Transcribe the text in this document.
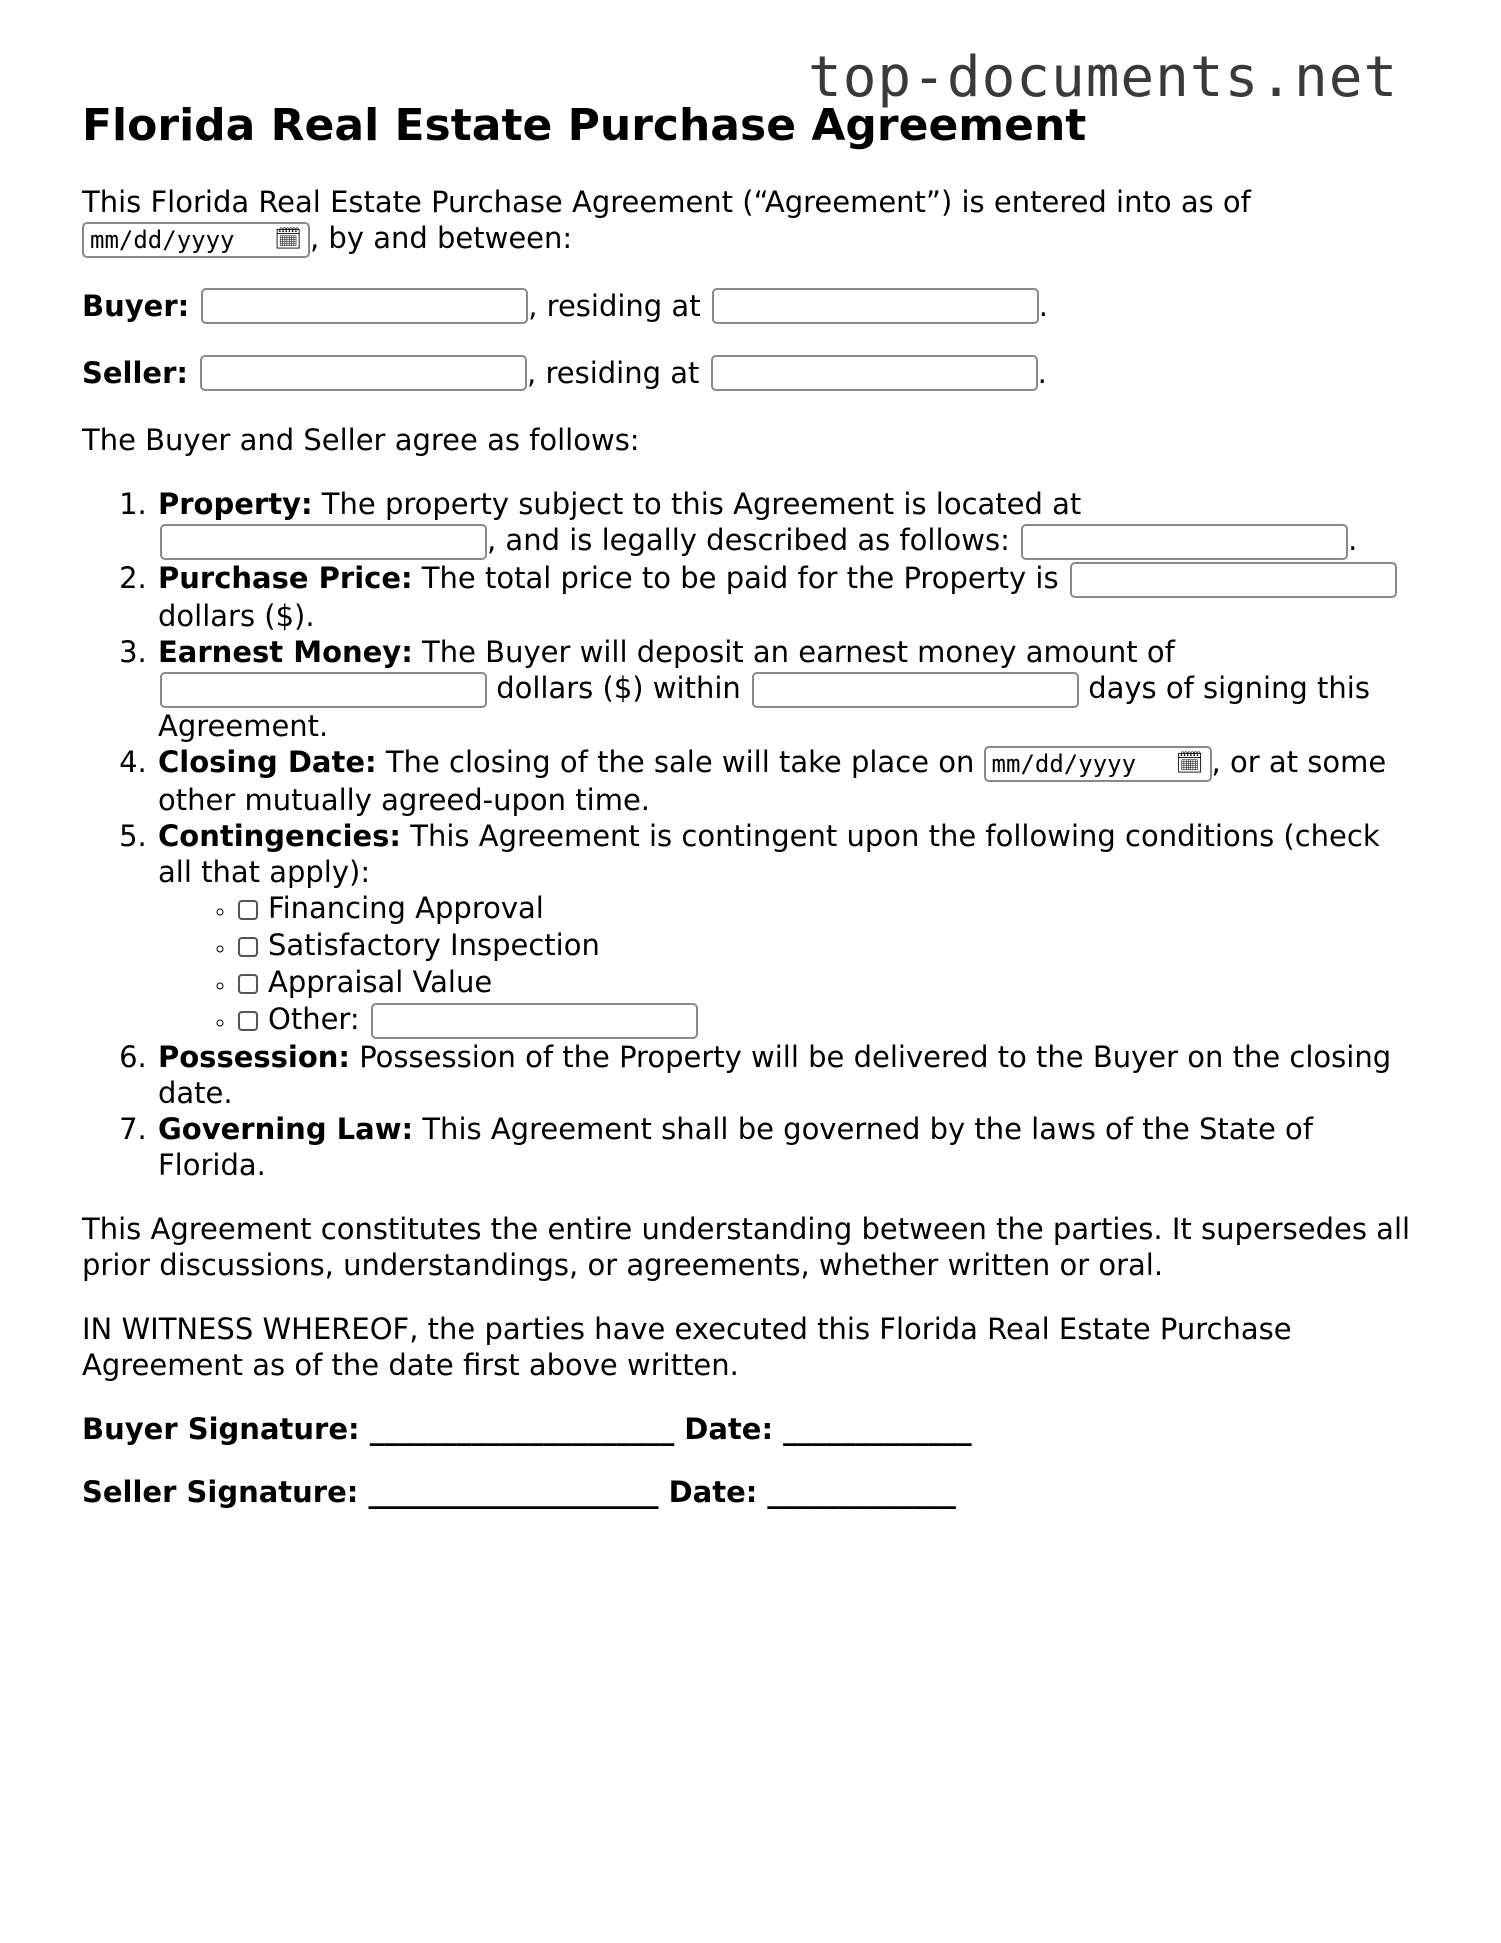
top-documents.net
Florida Real Estate Purchase Agreement

This Florida Real Estate Purchase Agreement (“Agreement”) is entered into as of

mm/dd/yyyy 🗓 , by and between:

Buyer:	, residing at
	.
Seller:	, residing at
	.

The Buyer and Seller agree as follows:

1. Property: The property subject to this Agreement is located at
, and is legally described as follows:	.
2. Purchase Price: The total price to be paid for the Property is
dollars ($).
3. Earnest Money: The Buyer will deposit an earnest money amount of
dollars ($) within	days of signing this Agreement.
4. Closing Date: The closing of the sale will take place on mm/dd/yyyy 🗓 , or at some other mutually agreed-upon time.
5. Contingencies: This Agreement is contingent upon the following conditions (check all that apply):
◦ Financing Approval
◦ Satisfactory Inspection
◦ Appraisal Value
◦ Other:
6. Possession: Possession of the Property will be delivered to the Buyer on the closing date.
7. Governing Law: This Agreement shall be governed by the laws of the State of Florida.

This Agreement constitutes the entire understanding between the parties. It supersedes all prior discussions, understandings, or agreements, whether written or oral.

IN WITNESS WHEREOF, the parties have executed this Florida Real Estate Purchase Agreement as of the date first above written.

Buyer Signature: _____________________ Date: _____________

Seller Signature: ____________________ Date: _____________
